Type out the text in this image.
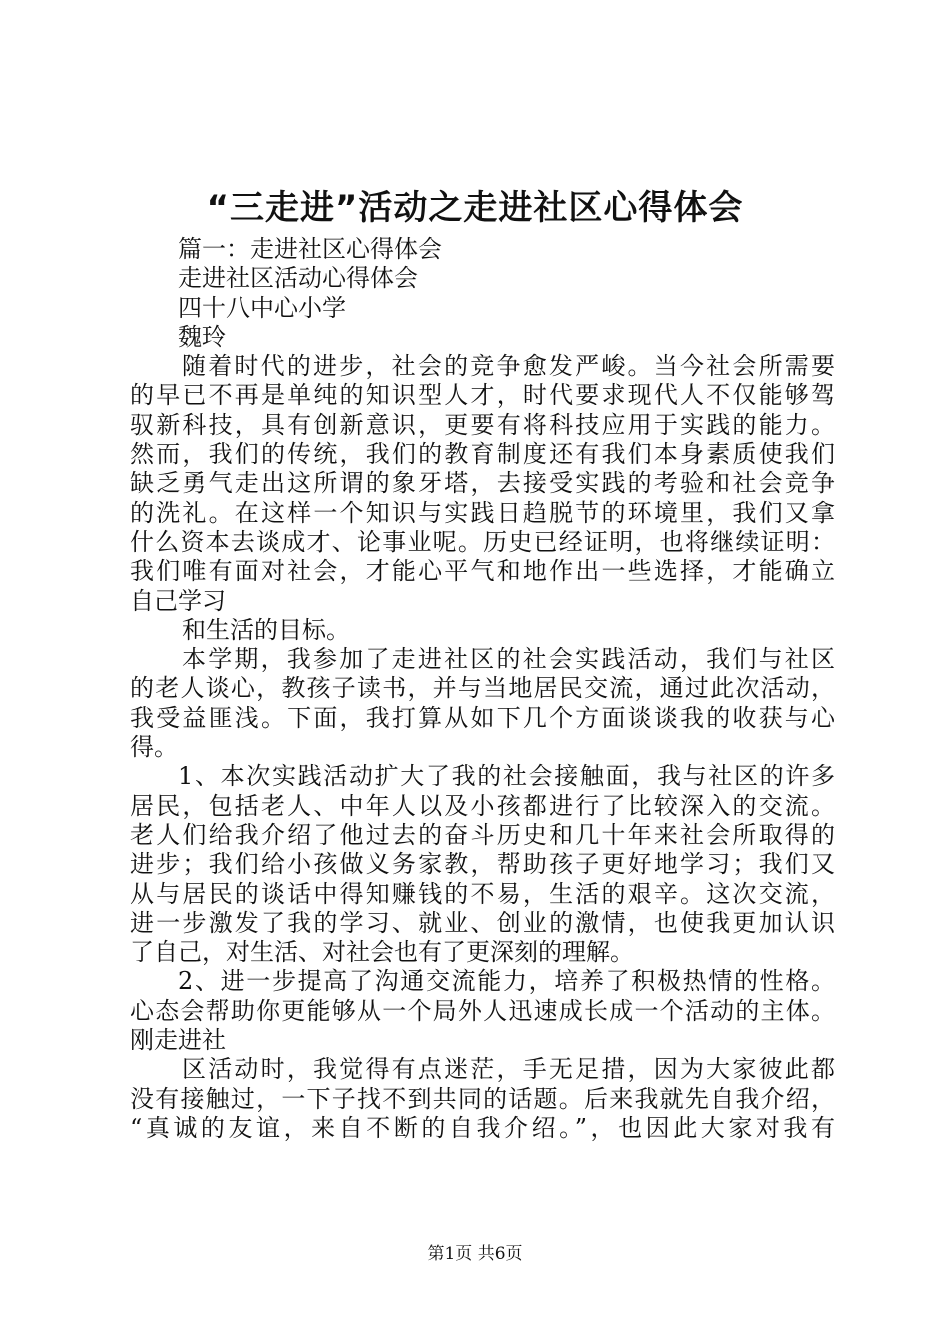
“三走进”活动之走进社区心得体会
篇一：走进社区心得体会
走进社区活动心得体会
四十八中心小学
魏玲
随着时代的进步，社会的竞争愈发严峻。当今社会所需要
的早已不再是单纯的知识型人才，时代要求现代人不仅能够驾
驭新科技，具有创新意识，更要有将科技应用于实践的能力。
然而，我们的传统，我们的教育制度还有我们本身素质使我们
缺乏勇气走出这所谓的象牙塔，去接受实践的考验和社会竞争
的洗礼。在这样一个知识与实践日趋脱节的环境里，我们又拿
什么资本去谈成才、论事业呢。历史已经证明，也将继续证明：
我们唯有面对社会，才能心平气和地作出一些选择，才能确立
自己学习
和生活的目标。
本学期，我参加了走进社区的社会实践活动，我们与社区
的老人谈心，教孩子读书，并与当地居民交流，通过此次活动，
我受益匪浅。下面，我打算从如下几个方面谈谈我的收获与心
得。
1、本次实践活动扩大了我的社会接触面，我与社区的许多
居民，包括老人、中年人以及小孩都进行了比较深入的交流。
老人们给我介绍了他过去的奋斗历史和几十年来社会所取得的
进步；我们给小孩做义务家教，帮助孩子更好地学习；我们又
从与居民的谈话中得知赚钱的不易，生活的艰辛。这次交流，
进一步激发了我的学习、就业、创业的激情，也使我更加认识
了自己，对生活、对社会也有了更深刻的理解。
2、进一步提高了沟通交流能力，培养了积极热情的性格。
心态会帮助你更能够从一个局外人迅速成长成一个活动的主体。
刚走进社
区活动时，我觉得有点迷茫，手无足措，因为大家彼此都
没有接触过，一下子找不到共同的话题。后来我就先自我介绍，
“真诚的友谊，来自不断的自我介绍。”，也因此大家对我有
第1页 共6页
